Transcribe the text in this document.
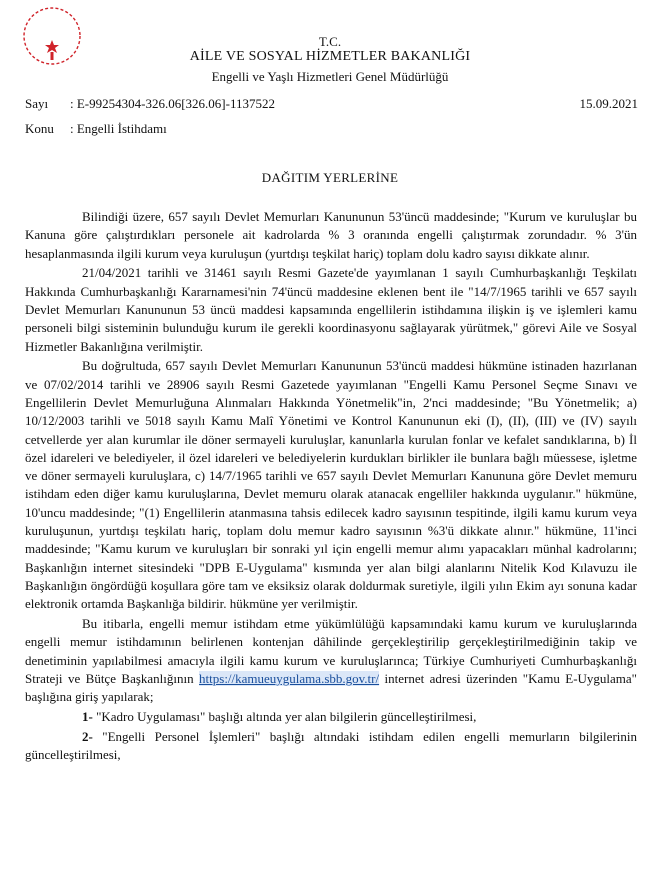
T.C.
AİLE VE SOSYAL HİZMETLER BAKANLIĞI
Engelli ve Yaşlı Hizmetleri Genel Müdürlüğü
Sayı : E-99254304-326.06[326.06]-1137522	15.09.2021
Konu : Engelli İstihdamı
DAĞITIM YERLERİNE

Bilindiği üzere, 657 sayılı Devlet Memurları Kanununun 53'üncü maddesinde; "Kurum ve kuruluşlar bu Kanuna göre çalıştırdıkları personele ait kadrolarda % 3 oranında engelli çalıştırmak zorundadır. % 3'ün hesaplanmasında ilgili kurum veya kuruluşun (yurtdışı teşkilat hariç) toplam dolu kadro sayısı dikkate alınır.

21/04/2021 tarihli ve 31461 sayılı Resmi Gazete'de yayımlanan 1 sayılı Cumhurbaşkanlığı Teşkilatı Hakkında Cumhurbaşkanlığı Kararnamesi'nin 74'üncü maddesine eklenen bent ile "14/7/1965 tarihli ve 657 sayılı Devlet Memurları Kanununun 53 üncü maddesi kapsamında engellilerin istihdamına ilişkin iş ve işlemleri kamu personeli bilgi sisteminin bulunduğu kurum ile gerekli koordinasyonu sağlayarak yürütmek," görevi Aile ve Sosyal Hizmetler Bakanlığına verilmiştir.

Bu doğrultuda, 657 sayılı Devlet Memurları Kanununun 53'üncü maddesi hükmüne istinaden hazırlanan ve 07/02/2014 tarihli ve 28906 sayılı Resmi Gazetede yayımlanan "Engelli Kamu Personel Seçme Sınavı ve Engellilerin Devlet Memurluğuna Alınmaları Hakkında Yönetmelik"in, 2'nci maddesinde; "Bu Yönetmelik; a) 10/12/2003 tarihli ve 5018 sayılı Kamu Malî Yönetimi ve Kontrol Kanununun eki (I), (II), (III) ve (IV) sayılı cetvellerde yer alan kurumlar ile döner sermayeli kuruluşlar, kanunlarla kurulan fonlar ve kefalet sandıklarına, b) İl özel idareleri ve belediyeler, il özel idareleri ve belediyelerin kurdukları birlikler ile bunlara bağlı müessese, işletme ve döner sermayeli kuruluşlara, c) 14/7/1965 tarihli ve 657 sayılı Devlet Memurları Kanununa göre Devlet memuru istihdam eden diğer kamu kuruluşlarına, Devlet memuru olarak atanacak engelliler hakkında uygulanır." hükmüne, 10'uncu maddesinde; "(1) Engellilerin atanmasına tahsis edilecek kadro sayısının tespitinde, ilgili kamu kurum veya kuruluşunun, yurtdışı teşkilatı hariç, toplam dolu memur kadro sayısının %3'ü dikkate alınır." hükmüne, 11'inci maddesinde; "Kamu kurum ve kuruluşları bir sonraki yıl için engelli memur alımı yapacakları münhal kadrolarını; Başkanlığın internet sitesindeki "DPB E-Uygulama" kısmında yer alan bilgi alanlarını Nitelik Kod Kılavuzu ile Başkanlığın öngördüğü koşullara göre tam ve eksiksiz olarak doldurmak suretiyle, ilgili yılın Ekim ayı sonuna kadar elektronik ortamda Başkanlığa bildirir. hükmüne yer verilmiştir.

Bu itibarla, engelli memur istihdam etme yükümlülüğü kapsamındaki kamu kurum ve kuruluşlarında engelli memur istihdamının belirlenen kontenjan dâhilinde gerçekleştirilip gerçekleştirilmediğinin takip ve denetiminin yapılabilmesi amacıyla ilgili kamu kurum ve kuruluşlarınca; Türkiye Cumhuriyeti Cumhurbaşkanlığı Strateji ve Bütçe Başkanlığının https://kamueuygulama.sbb.gov.tr/ internet adresi üzerinden "Kamu E-Uygulama" başlığına giriş yapılarak;

1- "Kadro Uygulaması" başlığı altında yer alan bilgilerin güncelleştirilmesi,

2- "Engelli Personel İşlemleri" başlığı altındaki istihdam edilen engelli memurların bilgilerinin güncelleştirilmesi,
